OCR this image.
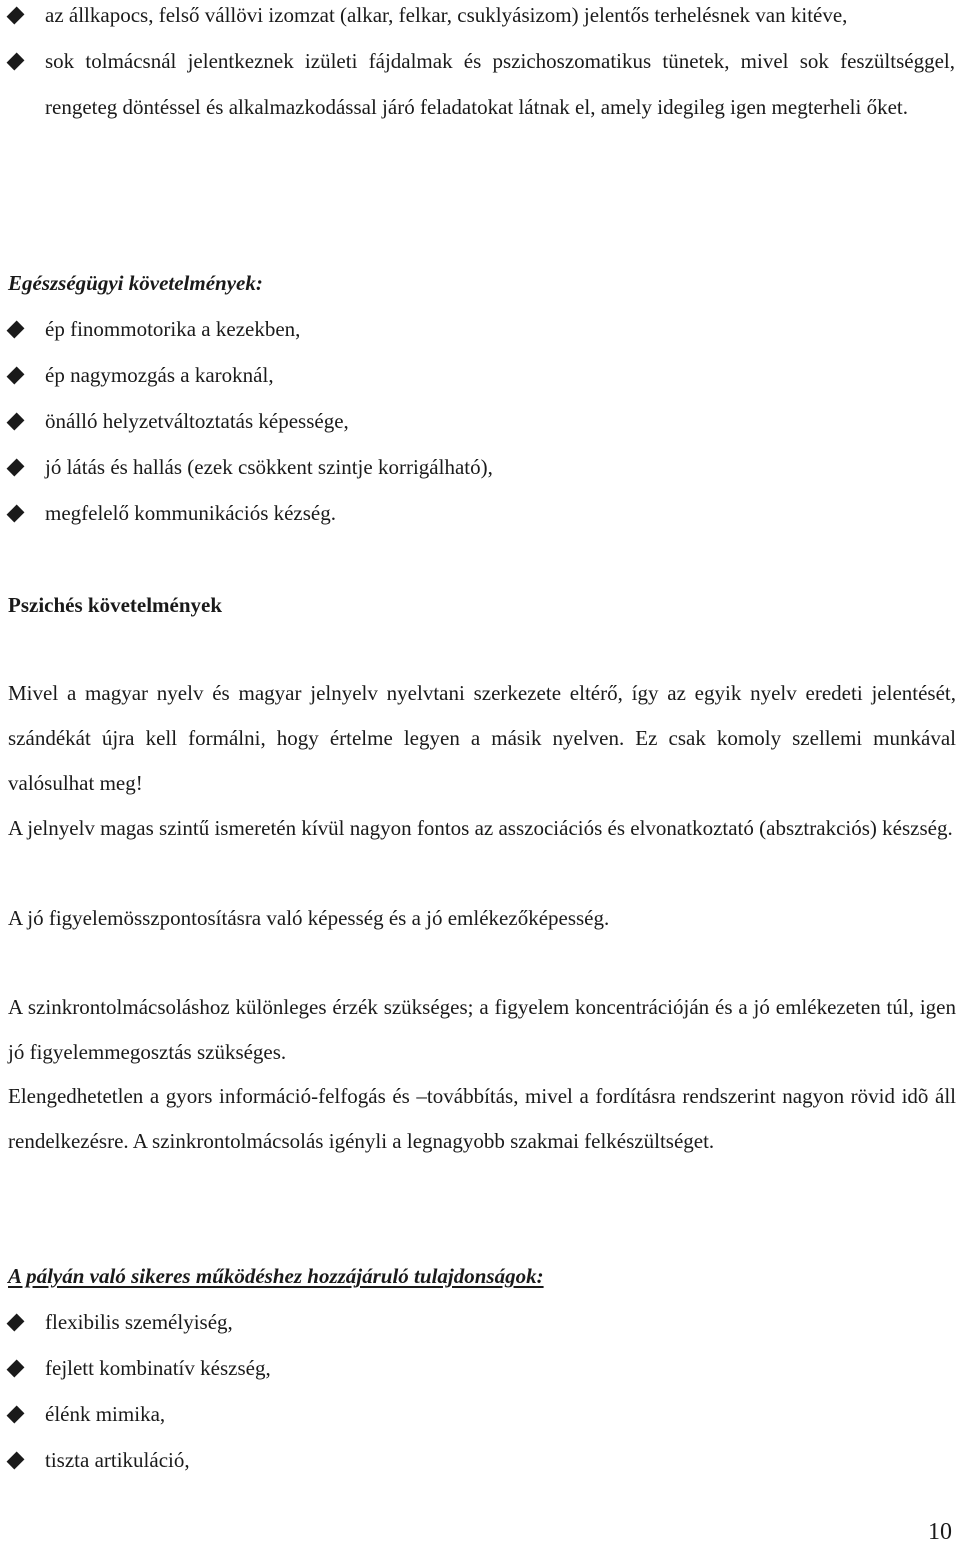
az állkapocs, felső vállövi izomzat (alkar, felkar, csuklyásizom) jelentős terhelésnek van kitéve,
sok tolmácsnál jelentkeznek izületi fájdalmak és pszichoszomatikus tünetek, mivel sok feszültséggel, rengeteg döntéssel és alkalmazkodással járó feladatokat látnak el, amely idegileg igen megterheli őket.
Egészségügyi követelmények:
ép finommotorika a kezekben,
ép nagymozgás a karoknál,
önálló helyzetváltoztatás képessége,
jó látás és hallás (ezek csökkent szintje korrigálható),
megfelelő kommunikációs kézség.
Pszichés követelmények

Mivel a magyar nyelv és magyar jelnyelv nyelvtani szerkezete eltérő, így az egyik nyelv eredeti jelentését, szándékát újra kell formálni, hogy értelme legyen a másik nyelven. Ez csak komoly szellemi munkával valósulhat meg!

A jelnyelv magas szintű ismeretén kívül nagyon fontos az asszociációs és elvonatkoztató (absztrakciós) készség.

A jó figyelemösszpontosításra való képesség és a jó emlékezőképesség.

A szinkrontolmácsoláshoz különleges érzék szükséges; a figyelem koncentrációján és a jó emlékezeten túl, igen jó figyelemmegosztás szükséges.

Elengedhetetlen a gyors információ-felfogás és –továbbítás, mivel a fordításra rendszerint nagyon rövid idõ áll rendelkezésre. A szinkrontolmácsolás igényli a legnagyobb szakmai felkészültséget.

A pályán való sikeres működéshez hozzájáruló tulajdonságok:
flexibilis személyiség,
fejlett kombinatív készség,
élénk mimika,
tiszta artikuláció,
10
